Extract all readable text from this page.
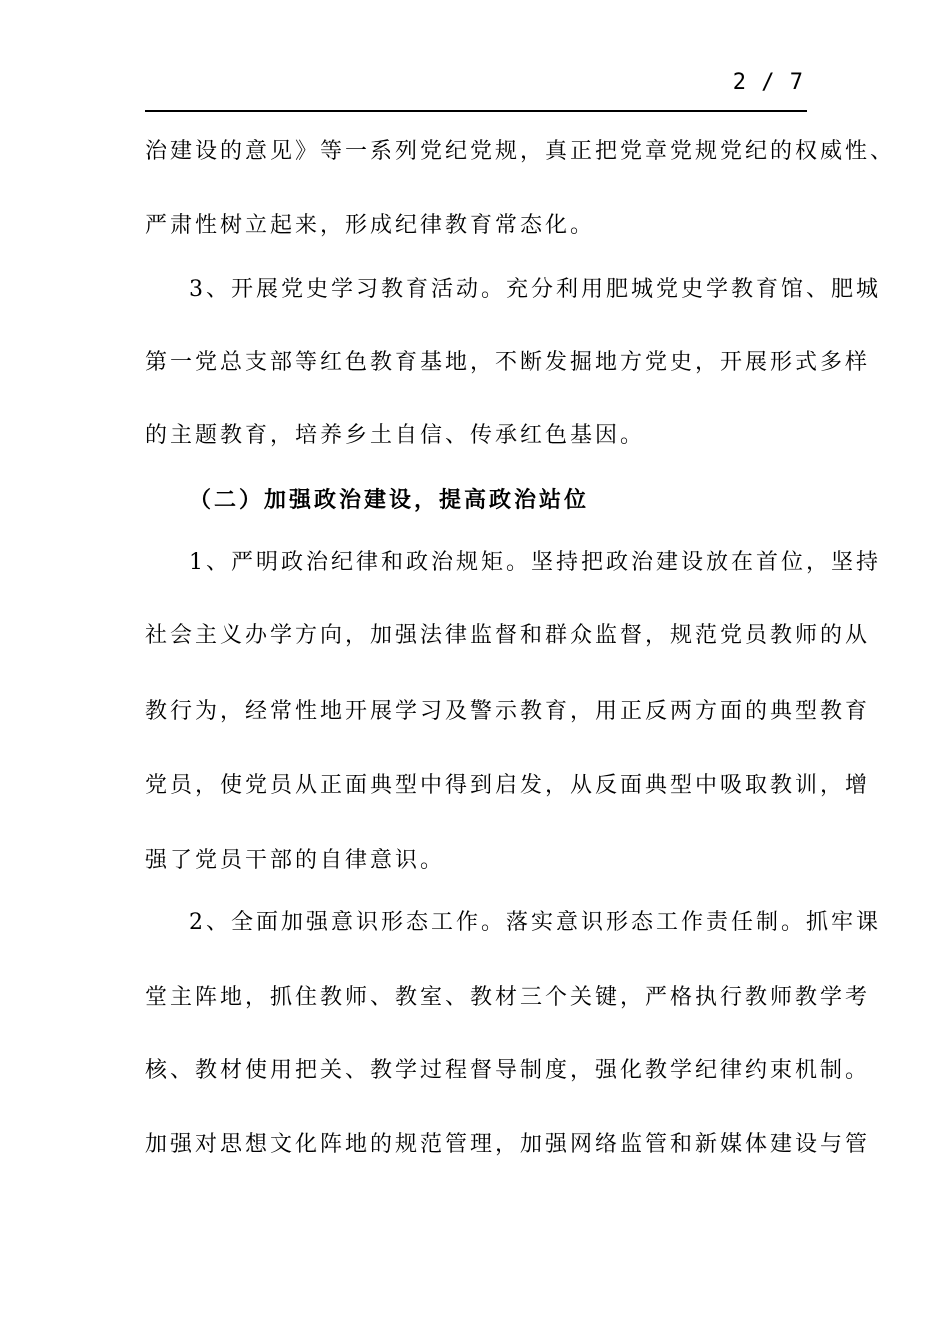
2 / 7
治建设的意见》等一系列党纪党规，真正把党章党规党纪的权威性、
严肃性树立起来，形成纪律教育常态化。
3、开展党史学习教育活动。充分利用肥城党史学教育馆、肥城
第一党总支部等红色教育基地，不断发掘地方党史，开展形式多样
的主题教育，培养乡土自信、传承红色基因。
（二）加强政治建设，提高政治站位
1、严明政治纪律和政治规矩。坚持把政治建设放在首位，坚持
社会主义办学方向，加强法律监督和群众监督，规范党员教师的从
教行为，经常性地开展学习及警示教育，用正反两方面的典型教育
党员，使党员从正面典型中得到启发，从反面典型中吸取教训，增
强了党员干部的自律意识。
2、全面加强意识形态工作。落实意识形态工作责任制。抓牢课
堂主阵地，抓住教师、教室、教材三个关键，严格执行教师教学考
核、教材使用把关、教学过程督导制度，强化教学纪律约束机制。
加强对思想文化阵地的规范管理，加强网络监管和新媒体建设与管
